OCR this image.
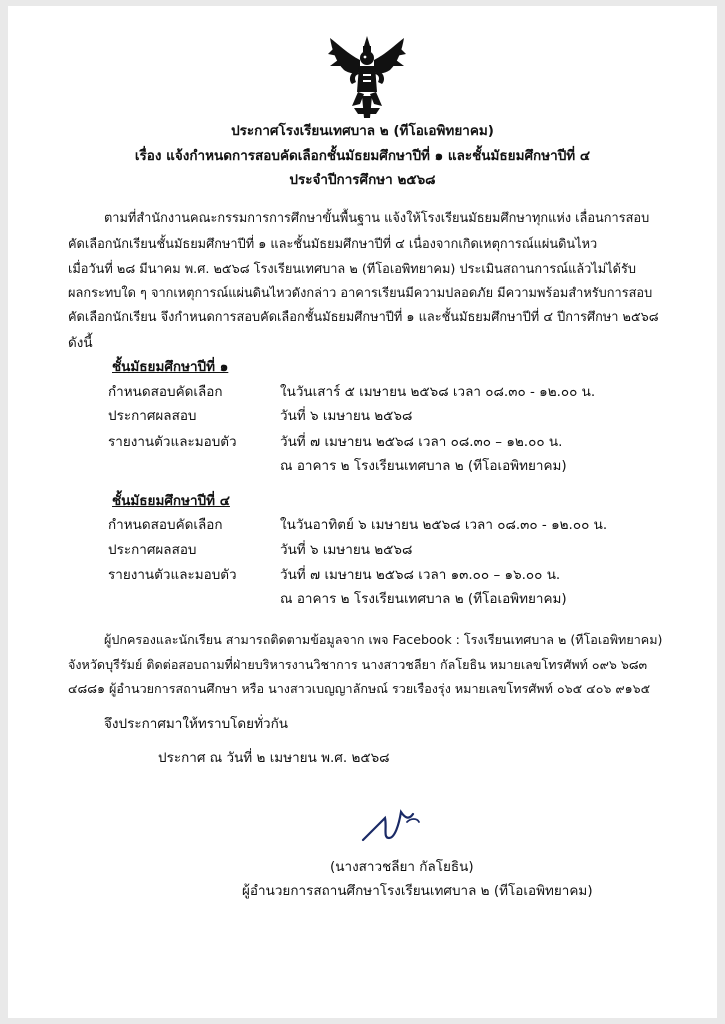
ประกาศโรงเรียนเทศบาล ๒ (ทีโอเอพิทยาคม)
เรื่อง แจ้งกำหนดการสอบคัดเลือกชั้นมัธยมศึกษาปีที่ ๑ และชั้นมัธยมศึกษาปีที่ ๔
ประจำปีการศึกษา ๒๕๖๘
ตามที่สำนักงานคณะกรรมการการศึกษาขั้นพื้นฐาน แจ้งให้โรงเรียนมัธยมศึกษาทุกแห่ง เลื่อนการสอบ
คัดเลือกนักเรียนชั้นมัธยมศึกษาปีที่ ๑ และชั้นมัธยมศึกษาปีที่ ๔ เนื่องจากเกิดเหตุการณ์แผ่นดินไหว
เมื่อวันที่ ๒๘ มีนาคม พ.ศ. ๒๕๖๘ โรงเรียนเทศบาล ๒ (ทีโอเอพิทยาคม) ประเมินสถานการณ์แล้วไม่ได้รับ
ผลกระทบใด ๆ จากเหตุการณ์แผ่นดินไหวดังกล่าว อาคารเรียนมีความปลอดภัย มีความพร้อมสำหรับการสอบ
คัดเลือกนักเรียน จึงกำหนดการสอบคัดเลือกชั้นมัธยมศึกษาปีที่ ๑ และชั้นมัธยมศึกษาปีที่ ๔ ปีการศึกษา ๒๕๖๘
ดังนี้
ชั้นมัธยมศึกษาปีที่ ๑
กำหนดสอบคัดเลือก	ในวันเสาร์ ๕ เมษายน ๒๕๖๘ เวลา ๐๘.๓๐ - ๑๒.๐๐ น.
ประกาศผลสอบ	วันที่ ๖ เมษายน ๒๕๖๘
รายงานตัวและมอบตัว	วันที่ ๗ เมษายน ๒๕๖๘ เวลา ๐๘.๓๐ – ๑๒.๐๐ น.
ณ อาคาร ๒ โรงเรียนเทศบาล ๒ (ทีโอเอพิทยาคม)
ชั้นมัธยมศึกษาปีที่ ๔
กำหนดสอบคัดเลือก	ในวันอาทิตย์ ๖ เมษายน ๒๕๖๘ เวลา ๐๘.๓๐ - ๑๒.๐๐ น.
ประกาศผลสอบ	วันที่ ๖ เมษายน ๒๕๖๘
รายงานตัวและมอบตัว	วันที่ ๗ เมษายน ๒๕๖๘ เวลา ๑๓.๐๐ – ๑๖.๐๐ น.
ณ อาคาร ๒ โรงเรียนเทศบาล ๒ (ทีโอเอพิทยาคม)
ผู้ปกครองและนักเรียน สามารถติดตามข้อมูลจาก เพจ Facebook : โรงเรียนเทศบาล ๒ (ทีโอเอพิทยาคม)
จังหวัดบุรีรัมย์ ติดต่อสอบถามที่ฝ่ายบริหารงานวิชาการ นางสาวชลียา กัลโยธิน หมายเลขโทรศัพท์ ๐๙๖ ๖๘๓
๔๘๘๑ ผู้อำนวยการสถานศึกษา หรือ นางสาวเบญญาลักษณ์ รวยเรืองรุ่ง หมายเลขโทรศัพท์ ๐๖๕ ๔๐๖ ๙๑๖๕
จึงประกาศมาให้ทราบโดยทั่วกัน
ประกาศ ณ วันที่ ๒ เมษายน พ.ศ. ๒๕๖๘
(นางสาวชลียา กัลโยธิน)
ผู้อำนวยการสถานศึกษาโรงเรียนเทศบาล ๒ (ทีโอเอพิทยาคม)
